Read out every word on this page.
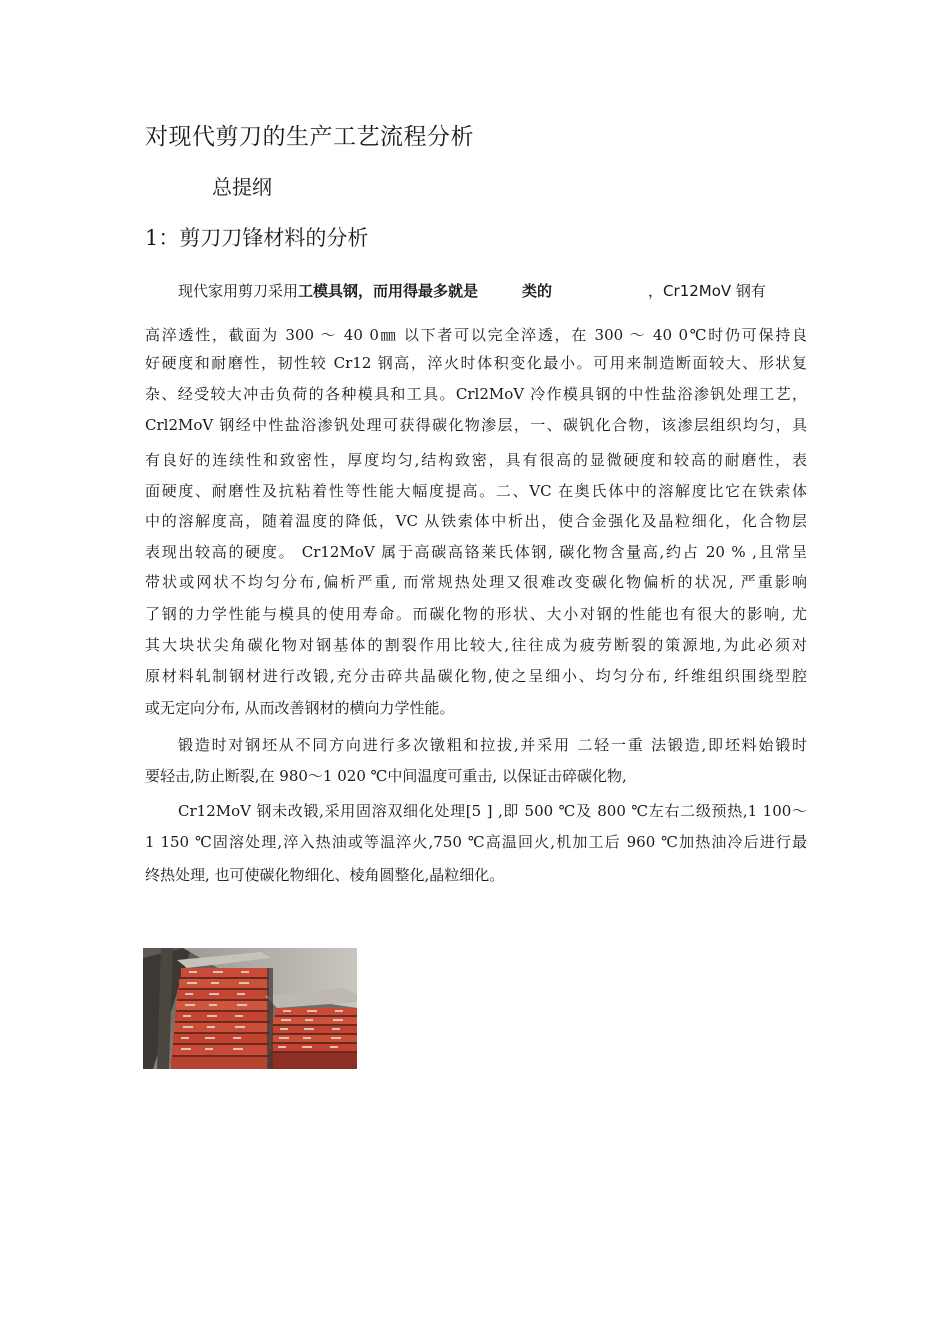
对现代剪刀的生产工艺流程分析
总提纲
1：剪刀刀锋材料的分析
现代家用剪刀采用工模具钢，而用得最多就是	类的	，Cr12MoV 钢有
高淬透性，截面为 300 ～ 40 0㎜ 以下者可以完全淬透，在 300 ～ 40 0℃时仍可保持良
好硬度和耐磨性，韧性较 Cr12 钢高，淬火时体积变化最小。可用来制造断面较大、形状复
杂、经受较大冲击负荷的各种模具和工具。Crl2MoV 冷作模具钢的中性盐浴渗钒处理工艺，
Crl2MoV 钢经中性盐浴渗钒处理可获得碳化物渗层，一、碳钒化合物，该渗层组织均匀，具
有良好的连续性和致密性，厚度均匀,结构致密，具有很高的显微硬度和较高的耐磨性，表
面硬度、耐磨性及抗粘着性等性能大幅度提高。二、VC 在奥氏体中的溶解度比它在铁索体
中的溶解度高，随着温度的降低，VC 从铁索体中析出，使合金强化及晶粒细化，化合物层
表现出较高的硬度。 Cr12MoV 属于高碳高铬莱氏体钢, 碳化物含量高,约占 20 % ,且常呈
带状或网状不均匀分布,偏析严重, 而常规热处理又很难改变碳化物偏析的状况, 严重影响
了钢的力学性能与模具的使用寿命。而碳化物的形状、大小对钢的性能也有很大的影响, 尤
其大块状尖角碳化物对钢基体的割裂作用比较大,往往成为疲劳断裂的策源地,为此必须对
原材料轧制钢材进行改锻,充分击碎共晶碳化物,使之呈细小、均匀分布, 纤维组织围绕型腔
或无定向分布, 从而改善钢材的横向力学性能。
锻造时对钢坯从不同方向进行多次镦粗和拉拔,并采用 二轻一重 法锻造,即坯料始锻时
要轻击,防止断裂,在 980～1 020 ℃中间温度可重击, 以保证击碎碳化物,
Cr12MoV 钢未改锻,采用固溶双细化处理[5 ] ,即 500 ℃及 800 ℃左右二级预热,1 100～
1 150 ℃固溶处理,淬入热油或等温淬火,750 ℃高温回火,机加工后 960 ℃加热油冷后进行最
终热处理, 也可使碳化物细化、棱角圆整化,晶粒细化。
